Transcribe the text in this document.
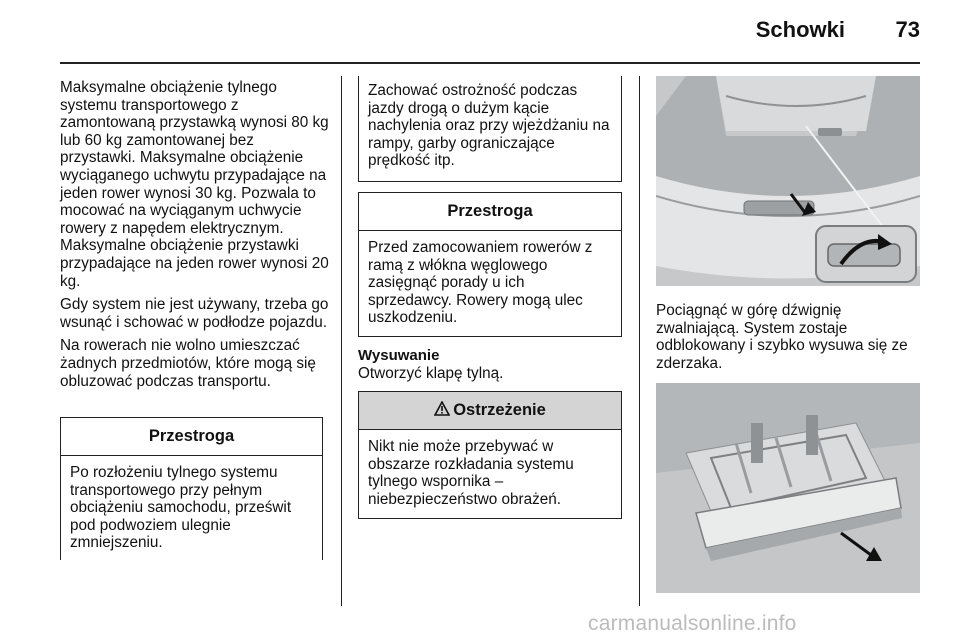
Schowki	73

Maksymalne obciążenie tylnego systemu transportowego z zamontowaną przystawką wynosi 80 kg lub 60 kg zamontowanej bez przystawki. Maksymalne obciążenie wyciąganego uchwytu przypadające na jeden rower wynosi 30 kg. Pozwala to mocować na wyciąganym uchwycie rowery z napędem elektrycznym. Maksymalne obciążenie przystawki przypadające na jeden rower wynosi 20 kg.

Gdy system nie jest używany, trzeba go wsunąć i schować w podłodze pojazdu.

Na rowerach nie wolno umieszczać żadnych przedmiotów, które mogą się obluzować podczas transportu.

Przestroga
Po rozłożeniu tylnego systemu transportowego przy pełnym obciążeniu samochodu, prześwit pod podwoziem ulegnie zmniejszeniu.
Zachować ostrożność podczas jazdy drogą o dużym kącie nachylenia oraz przy wjeżdżaniu na rampy, garby ograniczające prędkość itp.
Przestroga
Przed zamocowaniem rowerów z ramą z włókna węglowego zasięgnąć porady u ich sprzedawcy. Rowery mogą ulec uszkodzeniu.
Wysuwanie
Otworzyć klapę tylną.
Ostrzeżenie
Nikt nie może przebywać w obszarze rozkładania systemu tylnego wspornika – niebezpieczeństwo obrażeń.
Pociągnąć w górę dźwignię zwalniającą. System zostaje odblokowany i szybko wysuwa się ze zderzaka.
carmanualsonline.info
